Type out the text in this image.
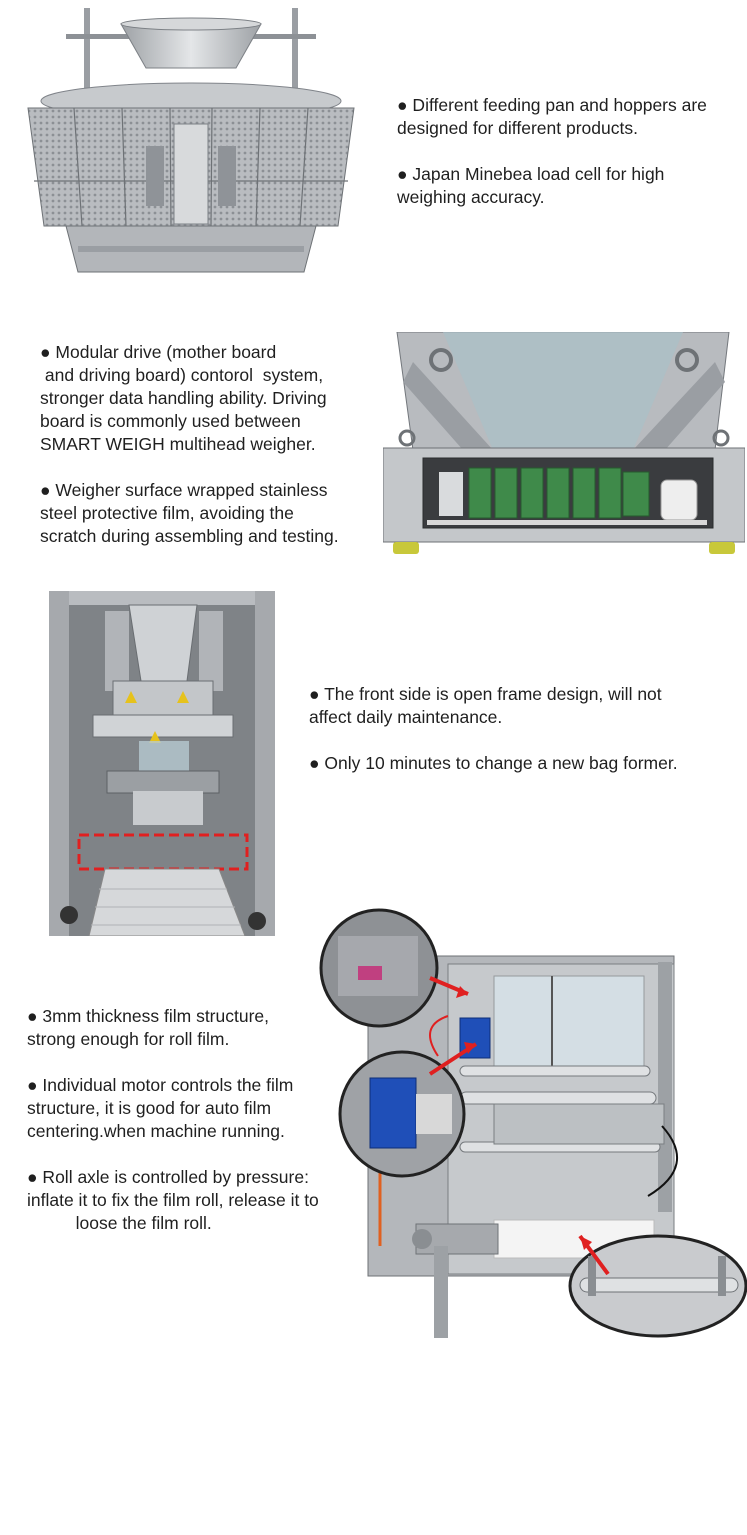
● Different feeding pan and hoppers are
designed for different products.

● Japan Minebea load cell for high
weighing accuracy.

● Modular drive (mother board
and driving board) contorol  system,
stronger data handling ability. Driving
board is commonly used between
SMART WEIGH multihead weigher.

● Weigher surface wrapped stainless
steel protective film, avoiding the
scratch during assembling and testing.

● The front side is open frame design, will not
affect daily maintenance.

● Only 10 minutes to change a new bag former.

● 3mm thickness film structure,
strong enough for roll film.

● Individual motor controls the film
structure, it is good for auto film
centering.when machine running.

● Roll axle is controlled by pressure:
inflate it to fix the film roll, release it to
loose the film roll.
